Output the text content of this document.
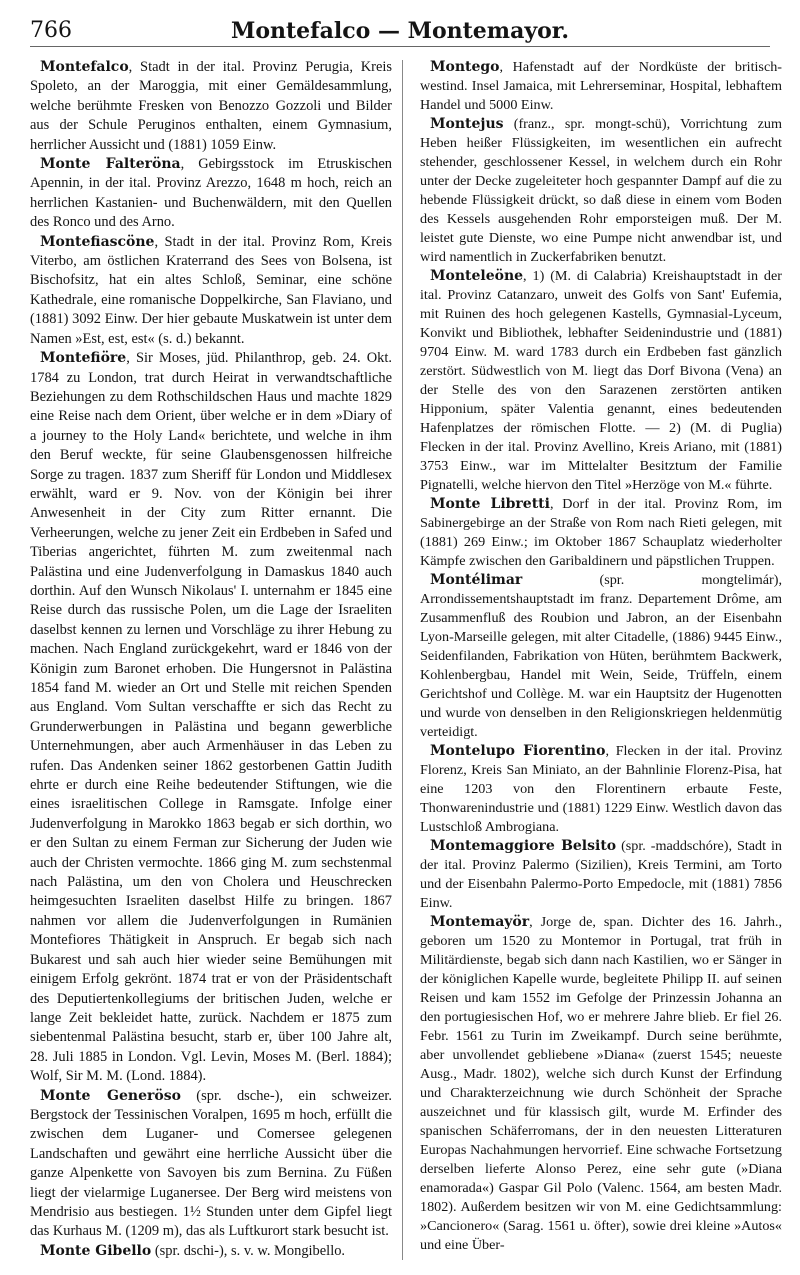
766	Montefalco — Montemayor.

Montefalco, Stadt in der ital. Provinz Perugia, Kreis Spoleto, an der Maroggia, mit einer Gemäldesammlung, welche berühmte Fresken von Benozzo Gozzoli und Bilder aus der Schule Peruginos enthalten, einem Gymnasium, herrlicher Aussicht und (1881) 1059 Einw.

Monte Falteröna, Gebirgsstock im Etruskischen Apennin, in der ital. Provinz Arezzo, 1648 m hoch, reich an herrlichen Kastanien- und Buchenwäldern, mit den Quellen des Ronco und des Arno.

Montefiascöne, Stadt in der ital. Provinz Rom, Kreis Viterbo, am östlichen Kraterrand des Sees von Bolsena, ist Bischofsitz, hat ein altes Schloß, Seminar, eine schöne Kathedrale, eine romanische Doppelkirche, San Flaviano, und (1881) 3092 Einw. Der hier gebaute Muskatwein ist unter dem Namen »Est, est, est« (s. d.) bekannt.

Montefiöre, Sir Moses, jüd. Philanthrop, geb. 24. Okt. 1784 zu London, trat durch Heirat in verwandtschaftliche Beziehungen zu dem Rothschildschen Haus und machte 1829 eine Reise nach dem Orient, über welche er in dem »Diary of a journey to the Holy Land« berichtete, und welche in ihm den Beruf weckte, für seine Glaubensgenossen hilfreiche Sorge zu tragen. 1837 zum Sheriff für London und Middlesex erwählt, ward er 9. Nov. von der Königin bei ihrer Anwesenheit in der City zum Ritter ernannt. Die Verheerungen, welche zu jener Zeit ein Erdbeben in Safed und Tiberias angerichtet, führten M. zum zweitenmal nach Palästina und eine Judenverfolgung in Damaskus 1840 auch dorthin. Auf den Wunsch Nikolaus' I. unternahm er 1845 eine Reise durch das russische Polen, um die Lage der Israeliten daselbst kennen zu lernen und Vorschläge zu ihrer Hebung zu machen. Nach England zurückgekehrt, ward er 1846 von der Königin zum Baronet erhoben. Die Hungersnot in Palästina 1854 fand M. wieder an Ort und Stelle mit reichen Spenden aus England. Vom Sultan verschaffte er sich das Recht zu Grunderwerbungen in Palästina und begann gewerbliche Unternehmungen, aber auch Armenhäuser in das Leben zu rufen. Das Andenken seiner 1862 gestorbenen Gattin Judith ehrte er durch eine Reihe bedeutender Stiftungen, wie die eines israelitischen College in Ramsgate. Infolge einer Judenverfolgung in Marokko 1863 begab er sich dorthin, wo er den Sultan zu einem Ferman zur Sicherung der Juden wie auch der Christen vermochte. 1866 ging M. zum sechstenmal nach Palästina, um den von Cholera und Heuschrecken heimgesuchten Israeliten daselbst Hilfe zu bringen. 1867 nahmen vor allem die Judenverfolgungen in Rumänien Montefiores Thätigkeit in Anspruch. Er begab sich nach Bukarest und sah auch hier wieder seine Bemühungen mit einigem Erfolg gekrönt. 1874 trat er von der Präsidentschaft des Deputiertenkollegiums der britischen Juden, welche er lange Zeit bekleidet hatte, zurück. Nachdem er 1875 zum siebentenmal Palästina besucht, starb er, über 100 Jahre alt, 28. Juli 1885 in London. Vgl. Levin, Moses M. (Berl. 1884); Wolf, Sir M. M. (Lond. 1884).

Monte Generöso (spr. dsche-), ein schweizer. Bergstock der Tessinischen Voralpen, 1695 m hoch, erfüllt die zwischen dem Luganer- und Comersee gelegenen Landschaften und gewährt eine herrliche Aussicht über die ganze Alpenkette von Savoyen bis zum Bernina. Zu Füßen liegt der vielarmige Luganersee. Der Berg wird meistens von Mendrisio aus bestiegen. 1½ Stunden unter dem Gipfel liegt das Kurhaus M. (1209 m), das als Luftkurort stark besucht ist.

Monte Gibello (spr. dschi-), s. v. w. Mongibello.

Montego, Hafenstadt auf der Nordküste der britisch-westind. Insel Jamaica, mit Lehrerseminar, Hospital, lebhaftem Handel und 5000 Einw.

Montejus (franz., spr. mongt-schü), Vorrichtung zum Heben heißer Flüssigkeiten, im wesentlichen ein aufrecht stehender, geschlossener Kessel, in welchem durch ein Rohr unter der Decke zugeleiteter hoch gespannter Dampf auf die zu hebende Flüssigkeit drückt, so daß diese in einem vom Boden des Kessels ausgehenden Rohr emporsteigen muß. Der M. leistet gute Dienste, wo eine Pumpe nicht anwendbar ist, und wird namentlich in Zuckerfabriken benutzt.

Monteleöne, 1) (M. di Calabria) Kreishauptstadt in der ital. Provinz Catanzaro, unweit des Golfs von Sant' Eufemia, mit Ruinen des hoch gelegenen Kastells, Gymnasial-Lyceum, Konvikt und Bibliothek, lebhafter Seidenindustrie und (1881) 9704 Einw. M. ward 1783 durch ein Erdbeben fast gänzlich zerstört. Südwestlich von M. liegt das Dorf Bivona (Vena) an der Stelle des von den Sarazenen zerstörten antiken Hipponium, später Valentia genannt, eines bedeutenden Hafenplatzes der römischen Flotte. — 2) (M. di Puglia) Flecken in der ital. Provinz Avellino, Kreis Ariano, mit (1881) 3753 Einw., war im Mittelalter Besitztum der Familie Pignatelli, welche hiervon den Titel »Herzöge von M.« führte.

Monte Libretti, Dorf in der ital. Provinz Rom, im Sabinergebirge an der Straße von Rom nach Rieti gelegen, mit (1881) 269 Einw.; im Oktober 1867 Schauplatz wiederholter Kämpfe zwischen den Garibaldinern und päpstlichen Truppen.

Montélimar (spr. mongtelimár), Arrondissementshauptstadt im franz. Departement Drôme, am Zusammenfluß des Roubion und Jabron, an der Eisenbahn Lyon-Marseille gelegen, mit alter Citadelle, (1886) 9445 Einw., Seidenfilanden, Fabrikation von Hüten, berühmtem Backwerk, Kohlenbergbau, Handel mit Wein, Seide, Trüffeln, einem Gerichtshof und Collège. M. war ein Hauptsitz der Hugenotten und wurde von denselben in den Religionskriegen heldenmütig verteidigt.

Montelupo Fiorentino, Flecken in der ital. Provinz Florenz, Kreis San Miniato, an der Bahnlinie Florenz-Pisa, hat eine 1203 von den Florentinern erbaute Feste, Thonwarenindustrie und (1881) 1229 Einw. Westlich davon das Lustschloß Ambrogiana.

Montemaggiore Belsito (spr. -maddschóre), Stadt in der ital. Provinz Palermo (Sizilien), Kreis Termini, am Torto und der Eisenbahn Palermo-Porto Empedocle, mit (1881) 7856 Einw.

Montemayör, Jorge de, span. Dichter des 16. Jahrh., geboren um 1520 zu Montemor in Portugal, trat früh in Militärdienste, begab sich dann nach Kastilien, wo er Sänger in der königlichen Kapelle wurde, begleitete Philipp II. auf seinen Reisen und kam 1552 im Gefolge der Prinzessin Johanna an den portugiesischen Hof, wo er mehrere Jahre blieb. Er fiel 26. Febr. 1561 zu Turin im Zweikampf. Durch seine berühmte, aber unvollendet gebliebene »Diana« (zuerst 1545; neueste Ausg., Madr. 1802), welche sich durch Kunst der Erfindung und Charakterzeichnung wie durch Schönheit der Sprache auszeichnet und für klassisch gilt, wurde M. Erfinder des spanischen Schäferromans, der in den neuesten Litteraturen Europas Nachahmungen hervorrief. Eine schwache Fortsetzung derselben lieferte Alonso Perez, eine sehr gute (»Diana enamorada«) Gaspar Gil Polo (Valenc. 1564, am besten Madr. 1802). Außerdem besitzen wir von M. eine Gedichtsammlung: »Cancionero« (Sarag. 1561 u. öfter), sowie drei kleine »Autos« und eine Über-
